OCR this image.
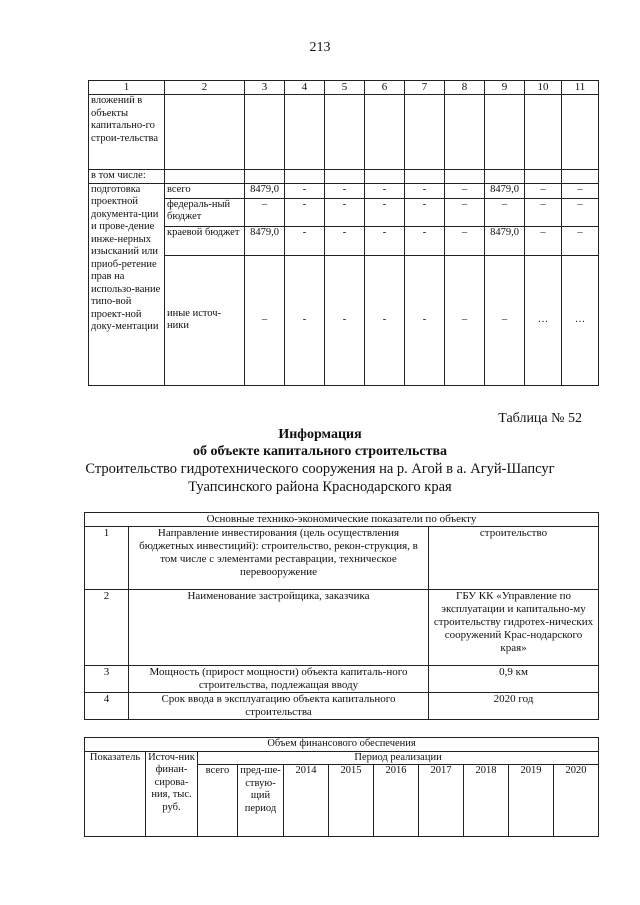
213
1	2	3	4	5	6	7	8	9	10	11
вложений в объекты капитально-го строи-тельства										
в том числе:										
подготовка проектной документа-ции и прове-дение инже-нерных изысканий или приоб-ретение прав на использо-вание типо-вой проект-ной доку-ментации	всего	8479,0	-	-	-	-	–	8479,0	–	–
	федераль-ный бюджет	–	-	-	-	-	–	–	–	–
	краевой бюджет	8479,0	-	-	-	-	–	8479,0	–	–
	иные источ-ники	–	-	-	-	-	–	–	…	…
Таблица № 52
Информация
об объекте капитального строительства
Строительство гидротехнического сооружения на р. Агой в а. Агуй-Шапсуг
Туапсинского района Краснодарского края
Основные технико-экономические показатели по объекту		
1	Направление инвестирования (цель осуществления бюджетных инвестиций): строительство, рекон-струкция, в том числе с элементами реставрации, техническое перевооружение	строительство
2	Наименование застройщика, заказчика	ГБУ КК «Управление по эксплуатации и капитально-му строительству гидротех-нических сооружений Крас-нодарского края»
3	Мощность (прирост мощности) объекта капиталь-ного строительства, подлежащая вводу	0,9 км
4	Срок ввода в эксплуатацию объекта капитального строительства	2020 год
Объем финансового обеспечения										
Показатель	Источ-ник финан-сирова-ния, тыс. руб.	Период реализации								
		всего	пред-ше-ствую-щий период	2014	2015	2016	2017	2018	2019	2020
